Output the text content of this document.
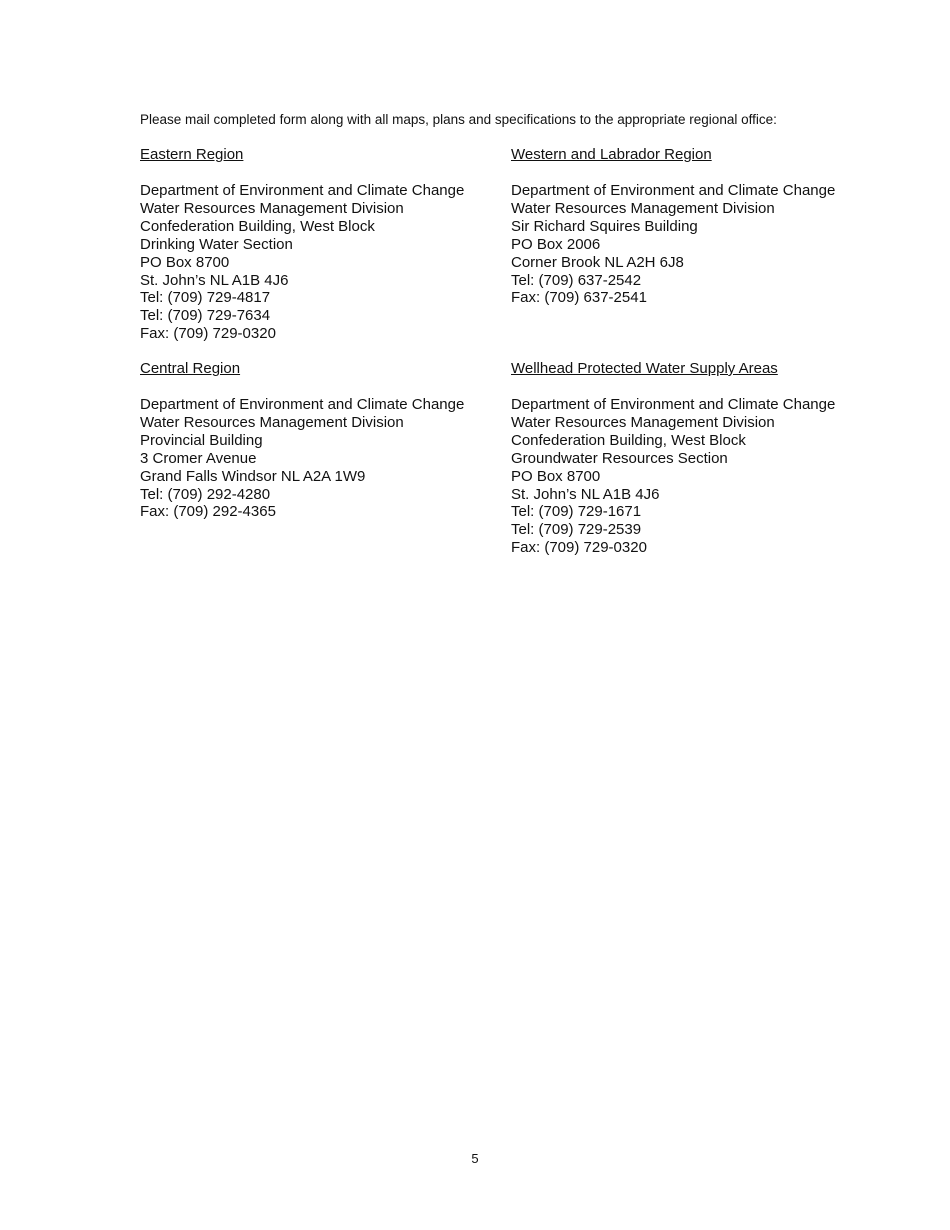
Please mail completed form along with all maps, plans and specifications to the appropriate regional office:
Eastern Region
Department of Environment and Climate Change
Water Resources Management Division
Confederation Building, West Block
Drinking Water Section
PO Box 8700
St. John’s NL A1B 4J6
Tel: (709) 729-4817
Tel: (709) 729-7634
Fax: (709) 729-0320
Western and Labrador Region
Department of Environment and Climate Change
Water Resources Management Division
Sir Richard Squires Building
PO Box 2006
Corner Brook NL A2H 6J8
Tel: (709) 637-2542
Fax: (709) 637-2541
Central Region
Department of Environment and Climate Change
Water Resources Management Division
Provincial Building
3 Cromer Avenue
Grand Falls Windsor NL A2A 1W9
Tel: (709) 292-4280
Fax: (709) 292-4365
Wellhead Protected Water Supply Areas
Department of Environment and Climate Change
Water Resources Management Division
Confederation Building, West Block
Groundwater Resources Section
PO Box 8700
St. John’s NL A1B 4J6
Tel: (709) 729-1671
Tel: (709) 729-2539
Fax: (709) 729-0320
5
